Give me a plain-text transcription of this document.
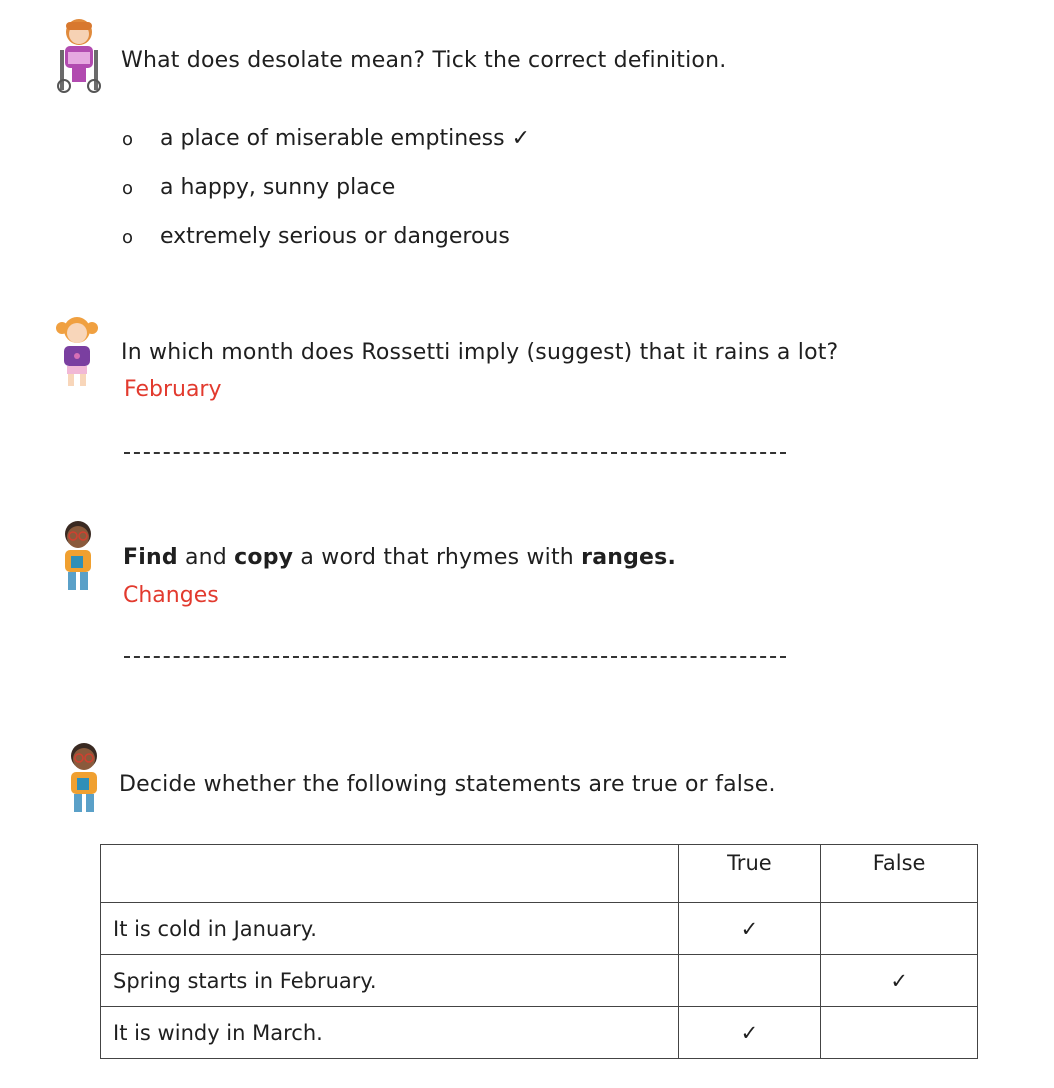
What does desolate mean? Tick the correct definition.
o a place of miserable emptiness ✓
o a happy, sunny place
o extremely serious or dangerous
In which month does Rossetti imply (suggest) that it rains a lot?
February
Find and copy a word that rhymes with ranges.
Changes
Decide whether the following statements are true or false.
	True	False
It is cold in January.	✓	
Spring starts in February.		✓
It is windy in March.	✓	
